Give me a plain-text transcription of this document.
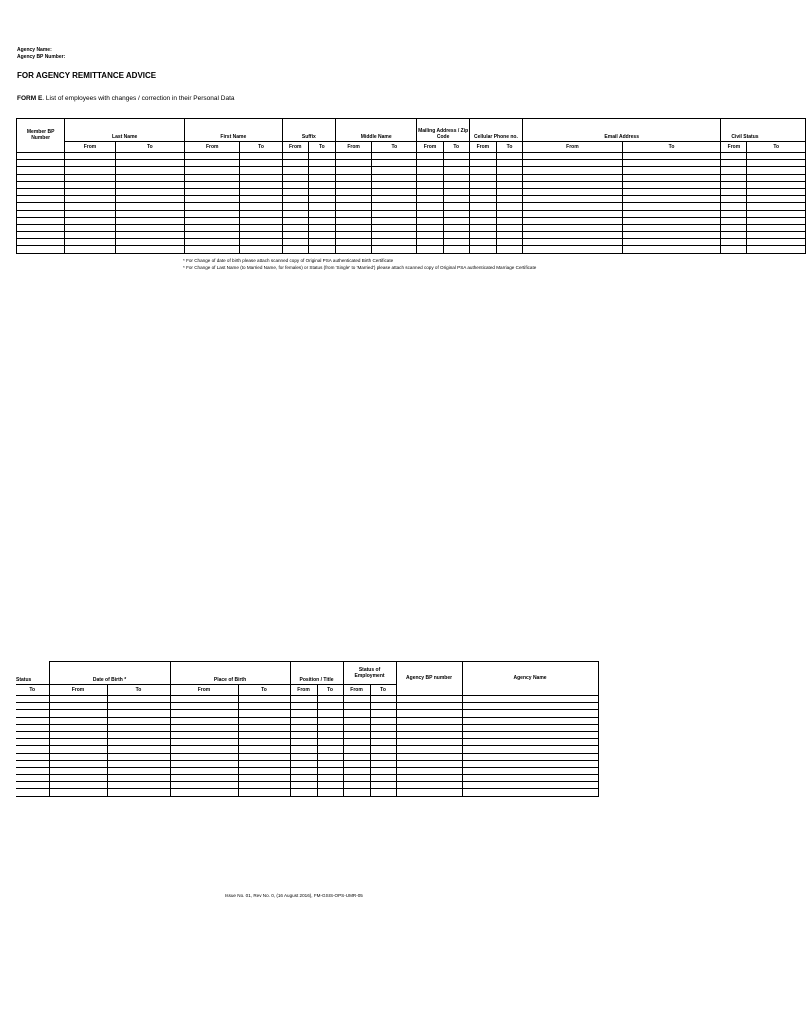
Agency Name:
Agency BP Number:
FOR AGENCY REMITTANCE ADVICE
FORM E. List of employees with changes / correction in their Personal Data
Member BP Number	Last Name		First Name		Suffix		Middle Name		Mailing Address / Zip Code		Cellular Phone no.		Email Address		Civil Status	
	From	To	From	To	From	To	From	To	From	To	From	To	From	To	From	To

* For Change of date of birth please attach scanned copy of Original PSA authenticated Birth Certificate
* For Change of Last Name (to Married Name, for females) or Status (from 'Single' to 'Married') please attach scanned copy of Original PSA authenticated Marriage Certificate
Status	Date of Birth *		Place of Birth		Position / Title		Status of Employment		Agency BP number	Agency Name
To	From	To	From	To	From	To	From	To		

Issue No. 01, Rev No. 0, (16 August 2016), FM-GSIS-OPS-UMR-05
